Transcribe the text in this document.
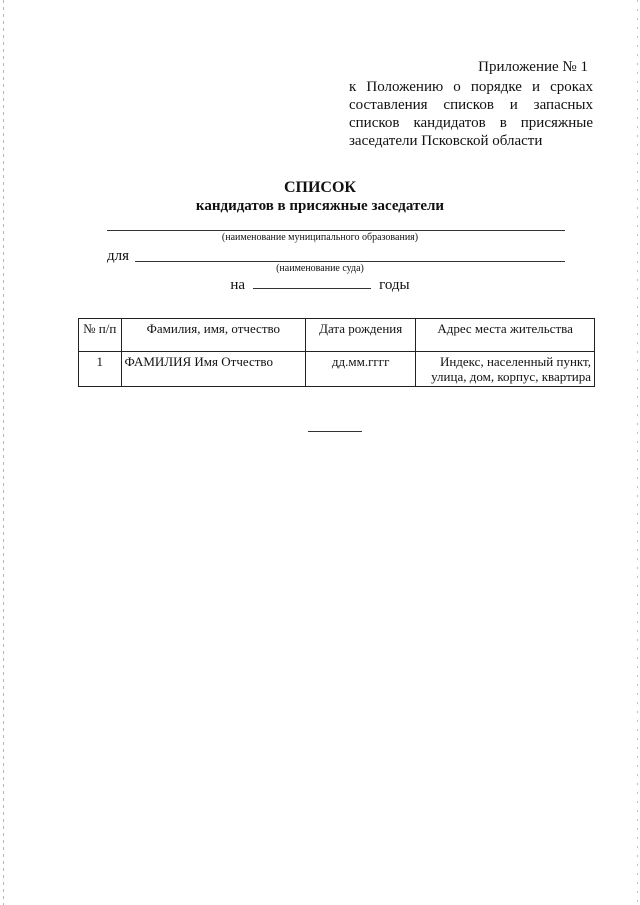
Приложение № 1
к Положению о порядке и сроках составления списков и запасных списков кандидатов в присяжные заседатели Псковской области
СПИСОК
кандидатов в присяжные заседатели
(наименование муниципального образования)
для
(наименование суда)
на	годы
№ п/п	Фамилия, имя, отчество	Дата рождения	Адрес места жительства
1	ФАМИЛИЯ Имя Отчество	дд.мм.гггг	Индекс, населенный пункт, улица, дом, корпус, квартира
